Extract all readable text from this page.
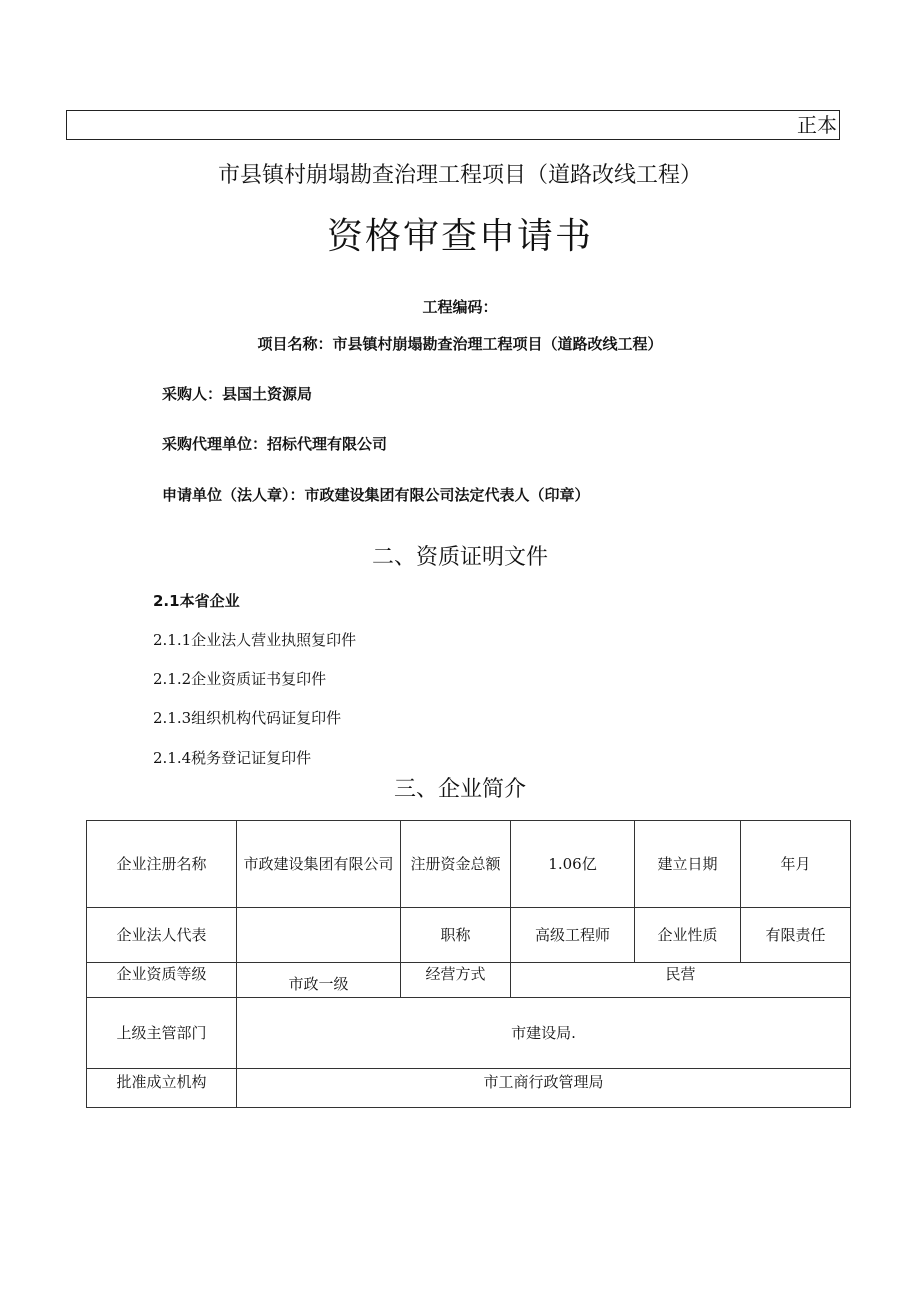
正本
市县镇村崩塌勘查治理工程项目（道路改线工程）
资格审查申请书
工程编码：
项目名称：市县镇村崩塌勘查治理工程项目（道路改线工程）
采购人：县国土资源局
采购代理单位：招标代理有限公司
申请单位（法人章）：市政建设集团有限公司法定代表人（印章）
二、资质证明文件
2.1本省企业
2.1.1企业法人营业执照复印件
2.1.2企业资质证书复印件
2.1.3组织机构代码证复印件
2.1.4税务登记证复印件
三、企业简介
企业注册名称	市政建设集团有限公司	注册资金总额	1.06亿	建立日期	年月
企业法人代表		职称	高级工程师	企业性质	有限责任
企业资质等级	市政一级	经营方式	民营		
上级主管部门	市建设局.				
批准成立机构	市工商行政管理局				
